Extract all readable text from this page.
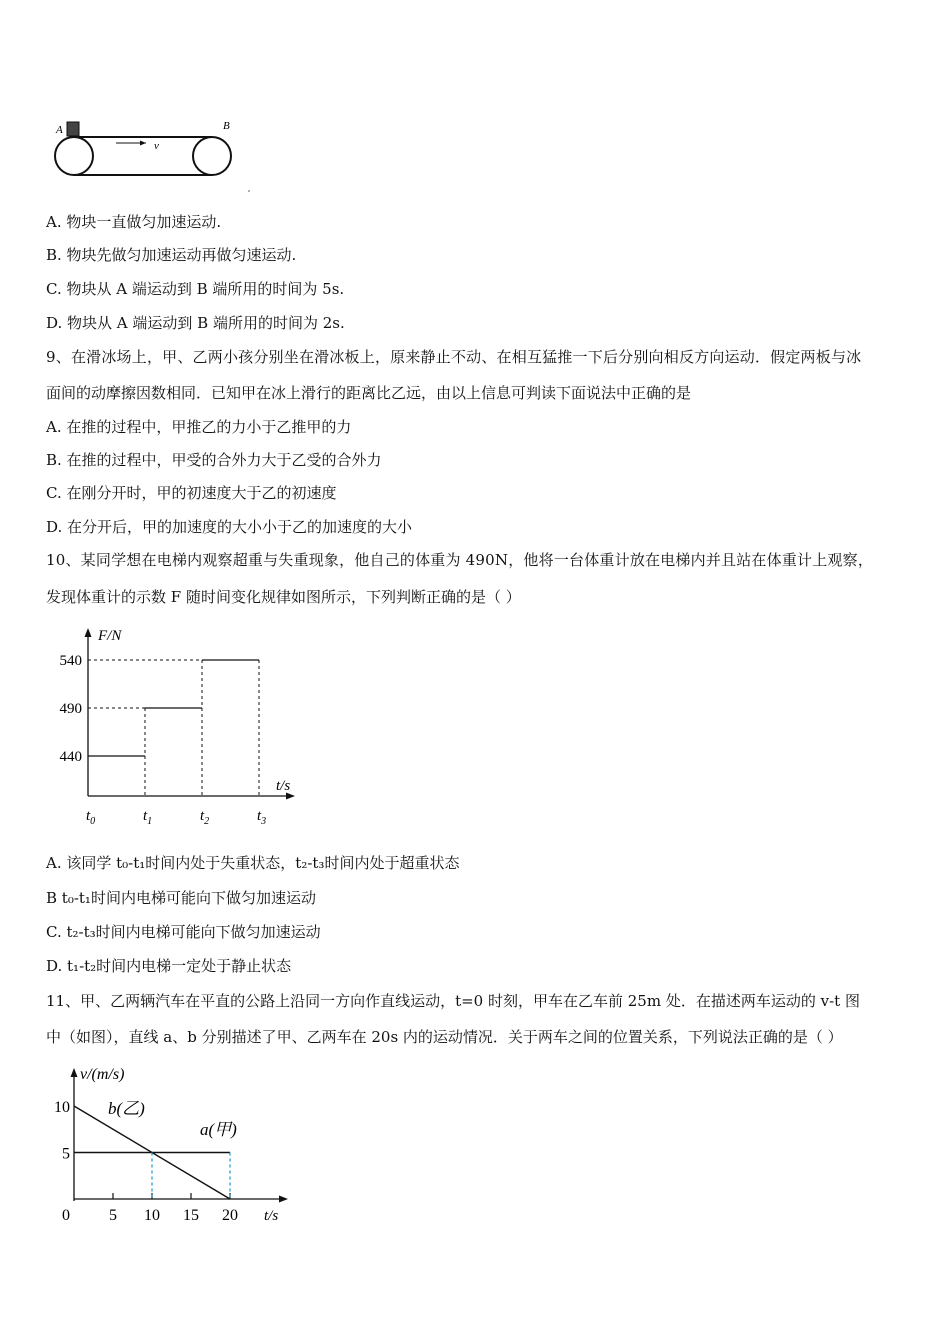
A	B
v
A. 物块一直做匀加速运动.
B. 物块先做匀加速运动再做匀速运动.
C. 物块从 A 端运动到 B 端所用的时间为 5s.
D. 物块从 A 端运动到 B 端所用的时间为 2s.
9、在滑冰场上，甲、乙两小孩分别坐在滑冰板上，原来静止不动、在相互猛推一下后分别向相反方向运动．假定两板与冰
面间的动摩擦因数相同．已知甲在冰上滑行的距离比乙远，由以上信息可判读下面说法中正确的是
A. 在推的过程中，甲推乙的力小于乙推甲的力
B. 在推的过程中，甲受的合外力大于乙受的合外力
C. 在刚分开时，甲的初速度大于乙的初速度
D. 在分开后，甲的加速度的大小小于乙的加速度的大小
10、某同学想在电梯内观察超重与失重现象，他自己的体重为 490N，他将一台体重计放在电梯内并且站在体重计上观察，
发现体重计的示数 F 随时间变化规律如图所示，下列判断正确的是（ ）
F/N
t/s
540
490
440
$t_0$	$t_1$	$t_2$	$t_3$
A. 该同学 t₀-t₁时间内处于失重状态，t₂-t₃时间内处于超重状态
B t₀-t₁时间内电梯可能向下做匀加速运动
C. t₂-t₃时间内电梯可能向下做匀加速运动
D. t₁-t₂时间内电梯一定处于静止状态
11、甲、乙两辆汽车在平直的公路上沿同一方向作直线运动，t=0 时刻，甲车在乙车前 25m 处．在描述两车运动的 v-t 图
中（如图），直线 a、b 分别描述了甲、乙两车在 20s 内的运动情况．关于两车之间的位置关系，下列说法正确的是（ ）
v/(m/s)
t/s
b(乙)
a(甲)
0 5 10 15 20
10
5
